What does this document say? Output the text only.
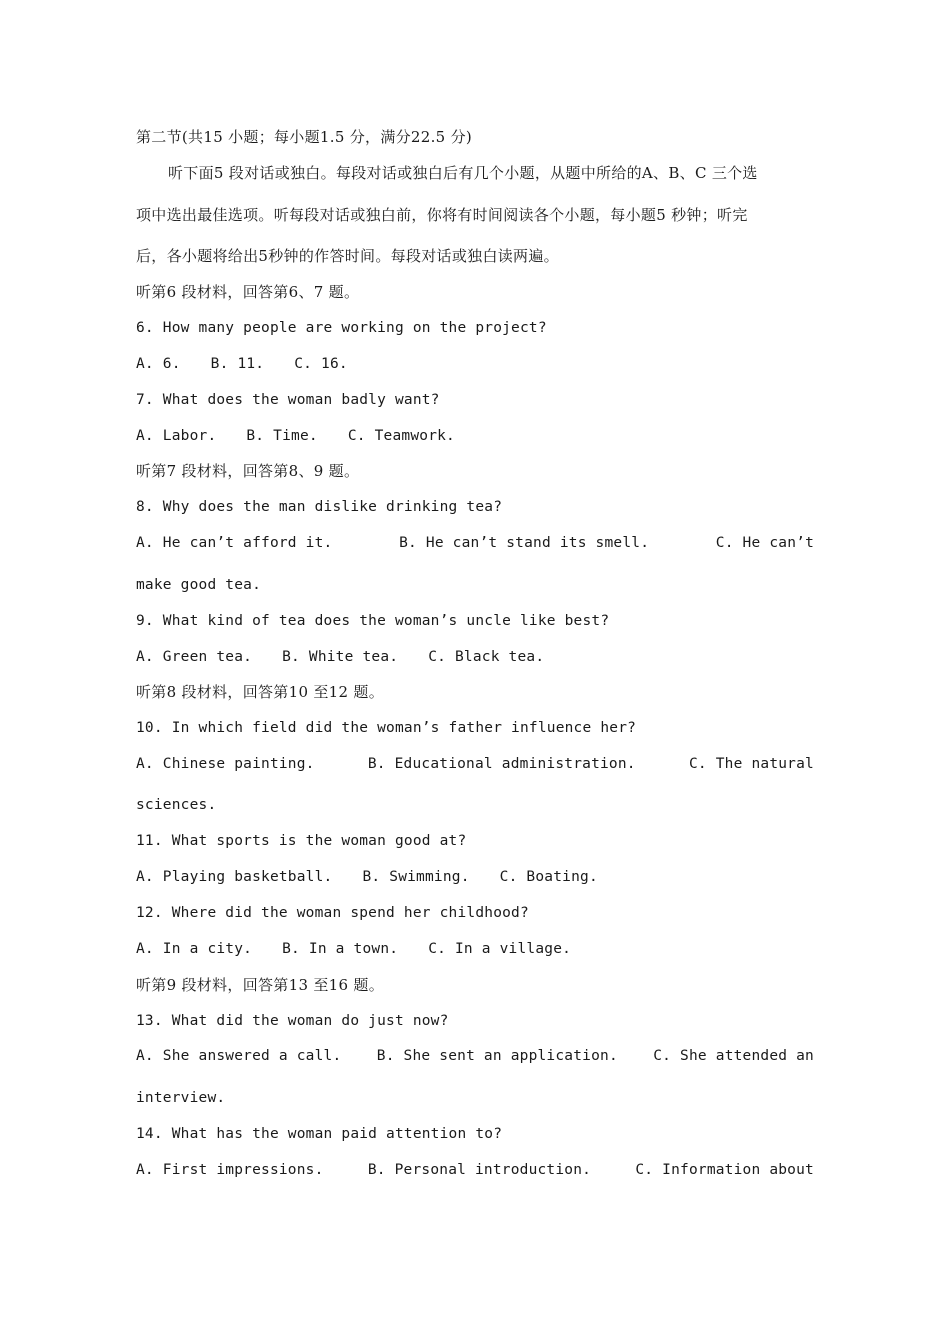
第二节(共15 小题；每小题1.5 分，满分22.5 分)
听下面5 段对话或独白。每段对话或独白后有几个小题，从题中所给的A、B、C 三个选
项中选出最佳选项。听每段对话或独白前，你将有时间阅读各个小题，每小题5 秒钟；听完
后，各小题将给出5秒钟的作答时间。每段对话或独白读两遍。
听第6 段材料，回答第6、7 题。
6. How many people are working on the project?
A. 6. B. 11. C. 16.
7. What does the woman badly want?
A. Labor. B. Time. C. Teamwork.
听第7 段材料，回答第8、9 题。
8. Why does the man dislike drinking tea?
A. He can’t afford it.	B. He can’t stand its smell.	C. He can’t
make good tea.
9. What kind of tea does the woman’s uncle like best?
A. Green tea. B. White tea. C. Black tea.
听第8 段材料，回答第10 至12 题。
10. In which field did the woman’s father influence her?
A. Chinese painting.	B. Educational administration.	C. The natural
sciences.
11. What sports is the woman good at?
A. Playing basketball. B. Swimming. C. Boating.
12. Where did the woman spend her childhood?
A. In a city. B. In a town. C. In a village.
听第9 段材料，回答第13 至16 题。
13. What did the woman do just now?
A. She answered a call. B. She sent an application. C. She attended an
interview.
14. What has the woman paid attention to?
A. First impressions.	B. Personal introduction.	C. Information about
